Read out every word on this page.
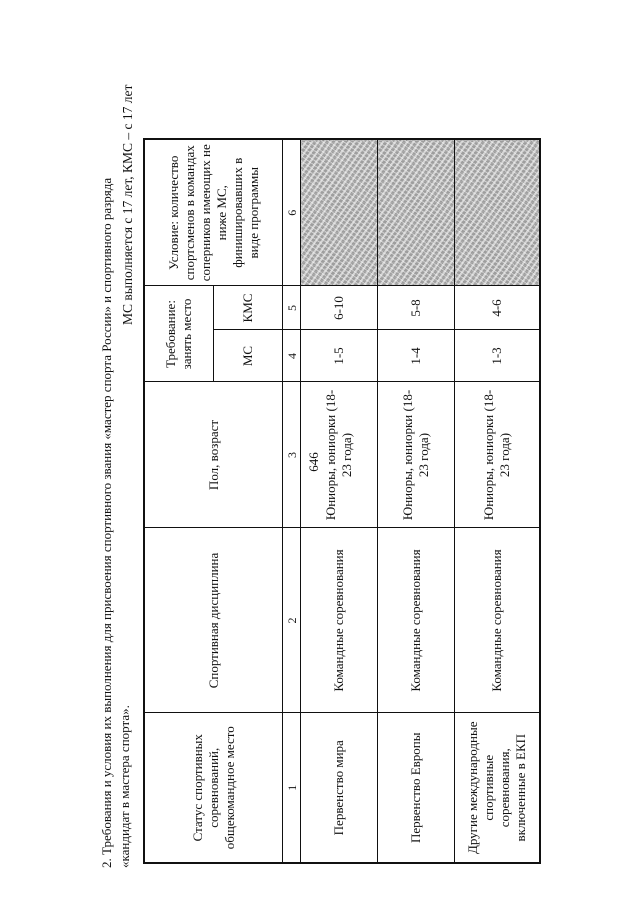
646
2. Требования и условия их выполнения для присвоения спортивного звания «мастер спорта России» и спортивного разряда «кандидат в мастера спорта».
МС выполняется с 17 лет, КМС – с 17 лет
Статус спортивных соревнований, общекомандное место	Спортивная дисциплина	Пол, возраст	Требование: занять место		Условие: количество спортсменов в командах соперников имеющих не ниже МС, финишировавших в виде программы
			МС	КМС	
1	2	3	4	5	6
Первенство мира	Командные соревнования	Юниоры, юниорки (18-23 года)	1-5	6-10	
Первенство Европы	Командные соревнования	Юниоры, юниорки (18-23 года)	1-4	5-8	
Другие международные спортивные соревнования, включенные в ЕКП	Командные соревнования	Юниоры, юниорки (18-23 года)	1-3	4-6	
